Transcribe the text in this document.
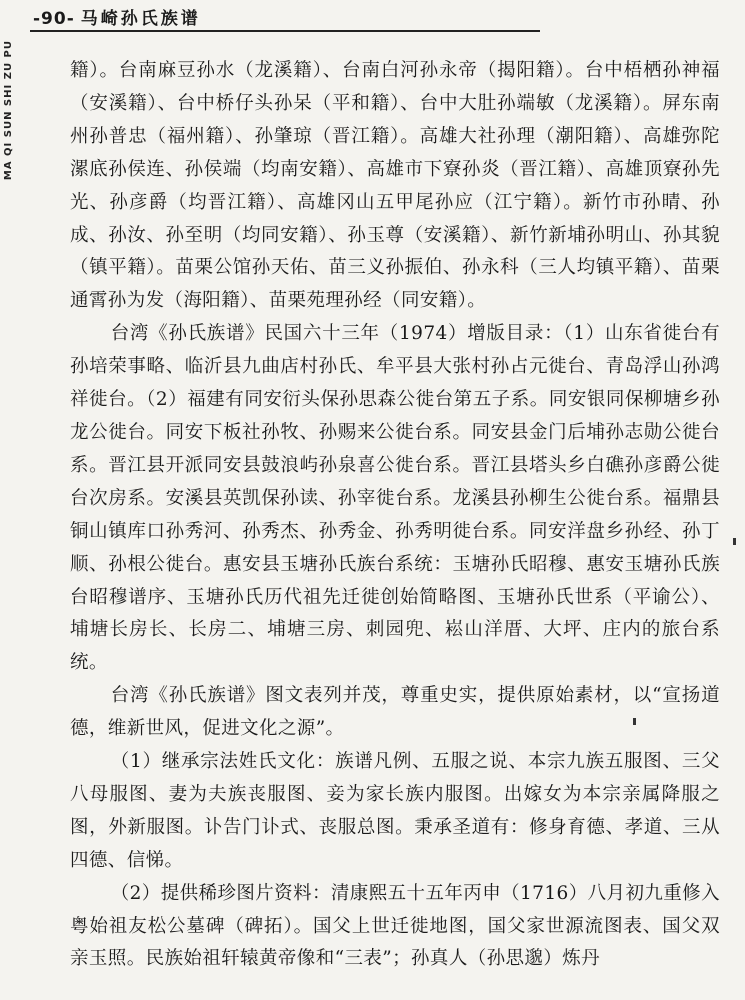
-90- 马崎孙氏族谱
MA QI SUN SHI ZU PU	籍）。台南麻豆孙水（龙溪籍）、台南白河孙永帝（揭阳籍）。台中梧栖孙神福（安溪籍）、台中桥仔头孙呆（平和籍）、台中大肚孙端敏（龙溪籍）。屏东南州孙普忠（福州籍）、孙肇琼（晋江籍）。高雄大社孙理（潮阳籍）、高雄弥陀漯底孙侯连、孙侯端（均南安籍）、高雄市下寮孙炎（晋江籍）、高雄顶寮孙先光、孙彦爵（均晋江籍）、高雄冈山五甲尾孙应（江宁籍）。新竹市孙晴、孙成、孙汝、孙至明（均同安籍）、孙玉尊（安溪籍）、新竹新埔孙明山、孙其貌（镇平籍）。苗栗公馆孙天佑、苗三义孙振伯、孙永科（三人均镇平籍）、苗栗通霄孙为发（海阳籍）、苗栗苑理孙经（同安籍）。

台湾《孙氏族谱》民国六十三年（1974）增版目录：（1）山东省徙台有孙培荣事略、临沂县九曲店村孙氏、牟平县大张村孙占元徙台、青岛浮山孙鸿祥徙台。（2）福建有同安衍头保孙思森公徙台第五子系。同安银同保柳塘乡孙龙公徙台。同安下板社孙牧、孙赐来公徙台系。同安县金门后埔孙志勋公徙台系。晋江县开派同安县鼓浪屿孙泉喜公徙台系。晋江县塔头乡白礁孙彦爵公徙台次房系。安溪县英凯保孙读、孙宰徙台系。龙溪县孙柳生公徙台系。福鼎县铜山镇库口孙秀河、孙秀杰、孙秀金、孙秀明徙台系。同安洋盘乡孙经、孙丁顺、孙根公徙台。惠安县玉塘孙氏族台系统：玉塘孙氏昭穆、惠安玉塘孙氏族台昭穆谱序、玉塘孙氏历代祖先迁徙创始简略图、玉塘孙氏世系（平谕公）、埔塘长房长、长房二、埔塘三房、刺园兜、崧山洋厝、大坪、庄内的旅台系统。

台湾《孙氏族谱》图文表列并茂，尊重史实，提供原始素材，以“宣扬道德，维新世风，促进文化之源”。

（1）继承宗法姓氏文化：族谱凡例、五服之说、本宗九族五服图、三父八母服图、妻为夫族丧服图、妾为家长族内服图。出嫁女为本宗亲属降服之图，外新服图。讣告门讣式、丧服总图。秉承圣道有：修身育德、孝道、三从四德、信悌。

（2）提供稀珍图片资料：清康熙五十五年丙申（1716）八月初九重修入粤始祖友松公墓碑（碑拓）。国父上世迁徙地图，国父家世源流图表、国父双亲玉照。民族始祖轩辕黄帝像和“三表”；孙真人（孙思邈）炼丹
